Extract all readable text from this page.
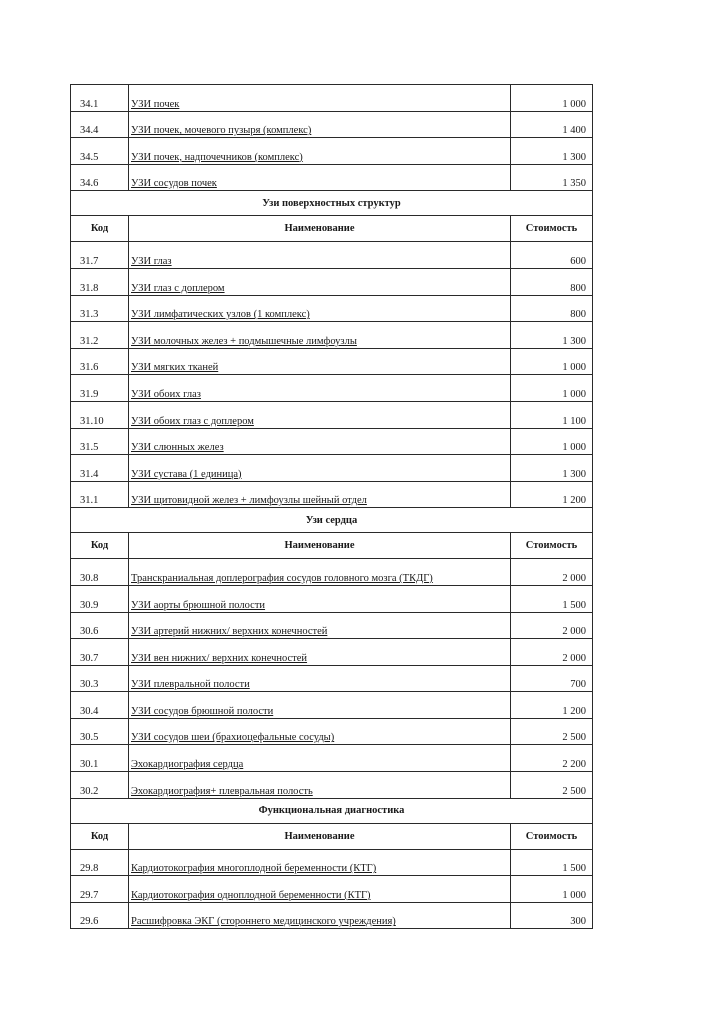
34.1	УЗИ почек	1 000
34.4	УЗИ почек, мочевого пузыря (комплекс)	1 400
34.5	УЗИ почек, надпочечников (комплекс)	1 300
34.6	УЗИ сосудов почек	1 350
Узи поверхностных структур		
Код	Наименование	Стоимость
31.7	УЗИ глаз	600
31.8	УЗИ глаз с доплером	800
31.3	УЗИ лимфатических узлов (1 комплекс)	800
31.2	УЗИ молочных желез + подмышечные лимфоузлы	1 300
31.6	УЗИ мягких тканей	1 000
31.9	УЗИ обоих глаз	1 000
31.10	УЗИ обоих глаз с доплером	1 100
31.5	УЗИ слюнных желез	1 000
31.4	УЗИ сустава (1 единица)	1 300
31.1	УЗИ щитовидной желез + лимфоузлы шейный отдел	1 200
Узи сердца		
Код	Наименование	Стоимость
30.8	Транскраниальная доплерография сосудов головного мозга (ТКДГ)	2 000
30.9	УЗИ аорты брюшной полости	1 500
30.6	УЗИ артерий нижних/ верхних конечностей	2 000
30.7	УЗИ вен нижних/ верхних конечностей	2 000
30.3	УЗИ плевральной полости	700
30.4	УЗИ сосудов брюшной полости	1 200
30.5	УЗИ сосудов шеи (брахиоцефальные сосуды)	2 500
30.1	Эхокардиография сердца	2 200
30.2	Эхокардиография+ плевральная полость	2 500
Функциональная диагностика		
Код	Наименование	Стоимость
29.8	Кардиотокография многоплодной беременности (КТГ)	1 500
29.7	Кардиотокография одноплодной беременности (КТГ)	1 000
29.6	Расшифровка ЭКГ (стороннего медицинского учреждения)	300
